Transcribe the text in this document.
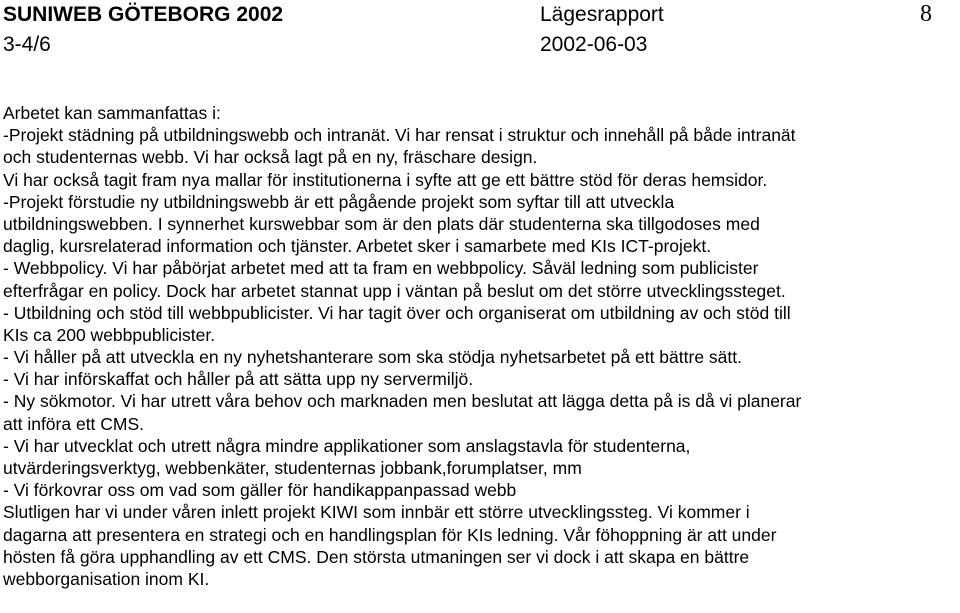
SUNIWEB GÖTEBORG 2002
3-4/6
Lägesrapport
2002-06-03
8
Arbetet kan sammanfattas i:
-Projekt städning på utbildningswebb och intranät. Vi har rensat i struktur och innehåll på både intranät
och studenternas webb. Vi har också lagt på en ny, fräschare design.
Vi har också tagit fram nya mallar för institutionerna i syfte att ge ett bättre stöd för deras hemsidor.
-Projekt förstudie ny utbildningswebb är ett pågående projekt som syftar till att utveckla
utbildningswebben. I synnerhet kurswebbar som är den plats där studenterna ska tillgodoses med
daglig, kursrelaterad information och tjänster. Arbetet sker i samarbete med KIs ICT-projekt.
- Webbpolicy. Vi har påbörjat arbetet med att ta fram en webbpolicy. Såväl ledning som publicister
efterfrågar en policy. Dock har arbetet stannat upp i väntan på beslut om det större utvecklingssteget.
- Utbildning och stöd till webbpublicister. Vi har tagit över och organiserat om utbildning av och stöd till
KIs ca 200 webbpublicister.
- Vi håller på att utveckla en ny nyhetshanterare som ska stödja nyhetsarbetet på ett bättre sätt.
- Vi har införskaffat och håller på att sätta upp ny servermiljö.
- Ny sökmotor. Vi har utrett våra behov och marknaden men beslutat att lägga detta på is då vi planerar
att införa ett CMS.
- Vi har utvecklat och utrett några mindre applikationer som anslagstavla för studenterna,
utvärderingsverktyg, webbenkäter, studenternas jobbank,forumplatser, mm
- Vi förkovrar oss om vad som gäller för handikappanpassad webb
Slutligen har vi under våren inlett projekt KIWI som innbär ett större utvecklingssteg. Vi kommer i
dagarna att presentera en strategi och en handlingsplan för KIs ledning. Vår föhoppning är att under
hösten få göra upphandling av ett CMS. Den största utmaningen ser vi dock i att skapa en bättre
webborganisation inom KI.
